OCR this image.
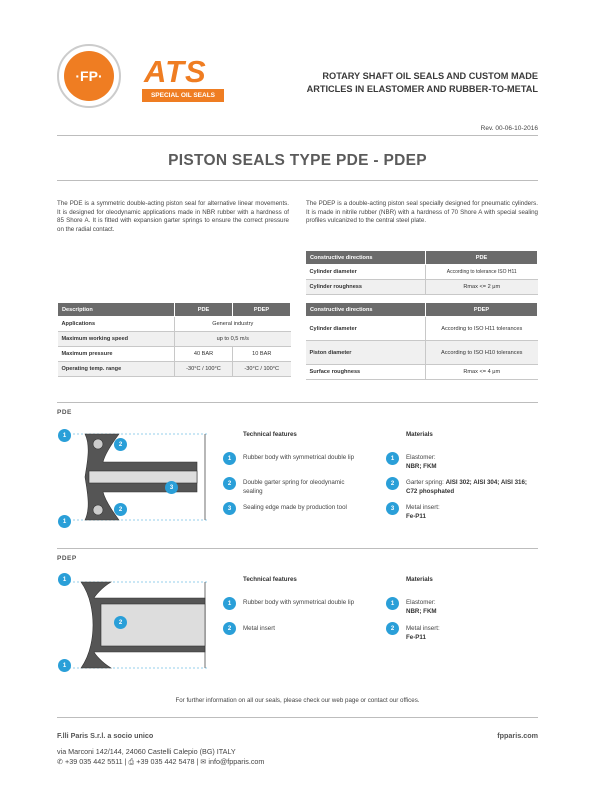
·FP·	ATS
SPECIAL OIL SEALS
ROTARY SHAFT OIL SEALS AND CUSTOM MADE
ARTICLES IN ELASTOMER AND RUBBER-TO-METAL
Rev. 00-06-10-2016
PISTON SEALS TYPE PDE - PDEP
The PDE is a symmetric double-acting piston seal for alternative linear movements. It is designed for oleodynamic applications made in NBR rubber with a hardness of 85 Shore A. It is fitted with expansion garter springs to ensure the correct pressure on the radial contact.
The PDEP is a double-acting piston seal specially designed for pneumatic cylinders. It is made in nitrile rubber (NBR) with a hardness of 70 Shore A with special sealing profiles vulcanized to the central steel plate.
Constructive directions	PDE
Cylinder diameter	According to tolerance ISO H11
Cylinder roughness	Rmax <= 2 μm
Description	PDE	PDEP
Applications	General industry	
Maximum working speed	up to 0,5 m/s	
Maximum pressure	40 BAR	10 BAR
Operating temp. range	-30°C / 100°C	-30°C / 100°C
Constructive directions	PDEP
Cylinder diameter	According to ISO H11 tolerances
Piston diameter	According to ISO H10 tolerances
Surface roughness	Rmax <= 4 μm
PDE
1
2
3
2
1
Technical features	Materials
1	Rubber body with symmetrical double lip
2	Double garter spring for oleodynamic sealing
3	Sealing edge made by production tool
1	Elastomer:
NBR; FKM
2	Garter spring: AISI 302; AISI 304; AISI 316; C72 phosphated
3	Metal insert:
Fe-P11
PDEP
1
2
1
Technical features	Materials
1	Rubber body with symmetrical double lip
2	Metal insert
1	Elastomer:
NBR; FKM
2	Metal insert:
Fe-P11
For further information on all our seals, please check our web page or contact our offices.
F.lli Paris S.r.l. a socio unico	fpparis.com
via Marconi 142/144, 24060 Castelli Calepio (BG) ITALY
✆ +39 035 442 5511 | ⎙ +39 035 442 5478 | ✉ info@fpparis.com
